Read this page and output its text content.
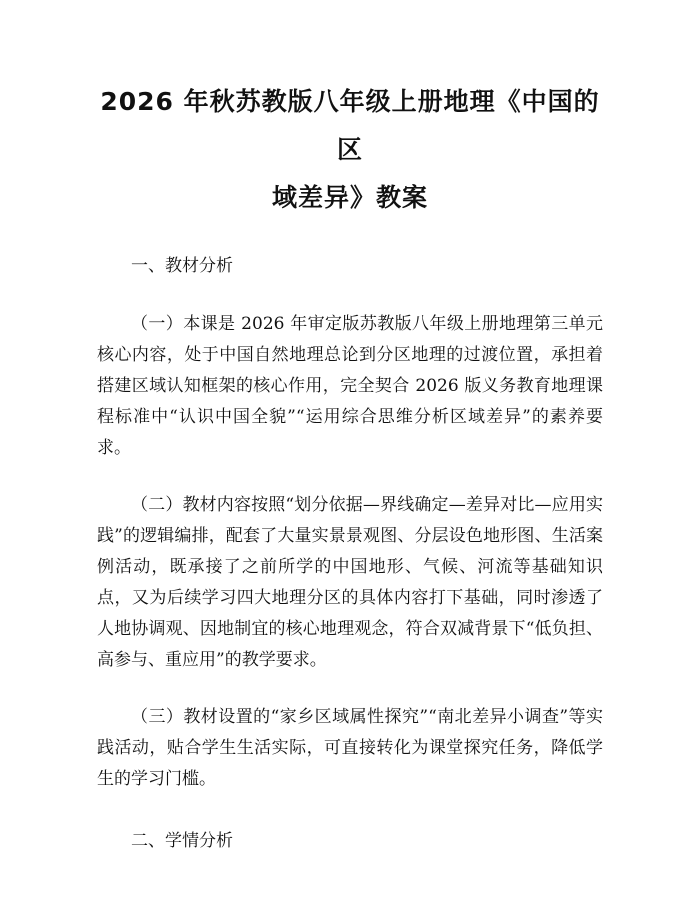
2026 年秋苏教版八年级上册地理《中国的区
域差异》教案

一、教材分析

（一）本课是 2026 年审定版苏教版八年级上册地理第三单元核心内容，处于中国自然地理总论到分区地理的过渡位置，承担着搭建区域认知框架的核心作用，完全契合 2026 版义务教育地理课程标准中“认识中国全貌”“运用综合思维分析区域差异”的素养要求。

（二）教材内容按照“划分依据—界线确定—差异对比—应用实践”的逻辑编排，配套了大量实景景观图、分层设色地形图、生活案例活动，既承接了之前所学的中国地形、气候、河流等基础知识点，又为后续学习四大地理分区的具体内容打下基础，同时渗透了人地协调观、因地制宜的核心地理观念，符合双减背景下“低负担、高参与、重应用”的教学要求。

（三）教材设置的“家乡区域属性探究”“南北差异小调查”等实践活动，贴合学生生活实际，可直接转化为课堂探究任务，降低学生的学习门槛。

二、学情分析
